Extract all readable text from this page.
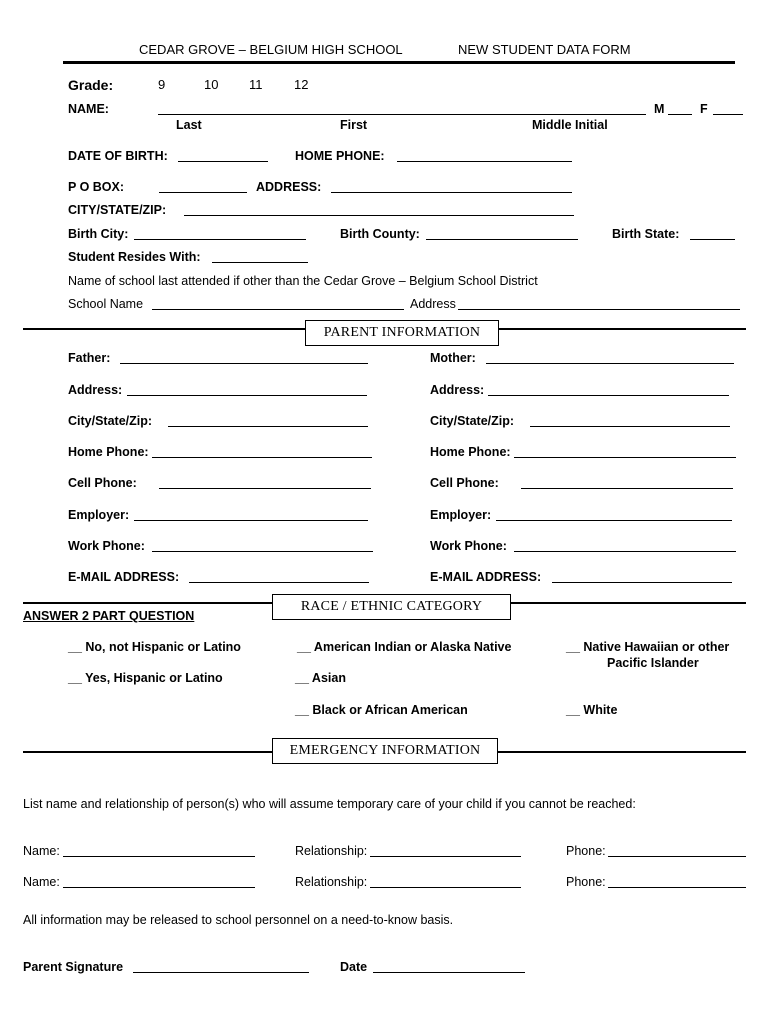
CEDAR GROVE – BELGIUM HIGH SCHOOL	NEW STUDENT DATA FORM
Grade:	9	10 11 12
NAME:	M	F
Last	First	Middle Initial
DATE OF BIRTH:	HOME PHONE:
P O BOX:	ADDRESS:
CITY/STATE/ZIP:
Birth City:	Birth County:	Birth State:
Student Resides With:
Name of school last attended if other than the Cedar Grove – Belgium School District
School Name	Address
PARENT INFORMATION
Father:	Mother:
Address:	Address:
City/State/Zip:	City/State/Zip:
Home Phone:	Home Phone:
Cell Phone:	Cell Phone:
Employer:	Employer:
Work Phone:	Work Phone:
E-MAIL ADDRESS:	E-MAIL ADDRESS:
RACE / ETHNIC CATEGORY
ANSWER 2 PART QUESTION
__ No, not Hispanic or Latino
__ Yes, Hispanic or Latino
__ American Indian or Alaska Native
__ Asian
__ Black or African American
__ Native Hawaiian or other
Pacific Islander
__ White
EMERGENCY INFORMATION
List name and relationship of person(s) who will assume temporary care of your child if you cannot be reached:
Name:	Relationship:	Phone:
Name:	Relationship:	Phone:
All information may be released to school personnel on a need-to-know basis.
Parent Signature	Date
